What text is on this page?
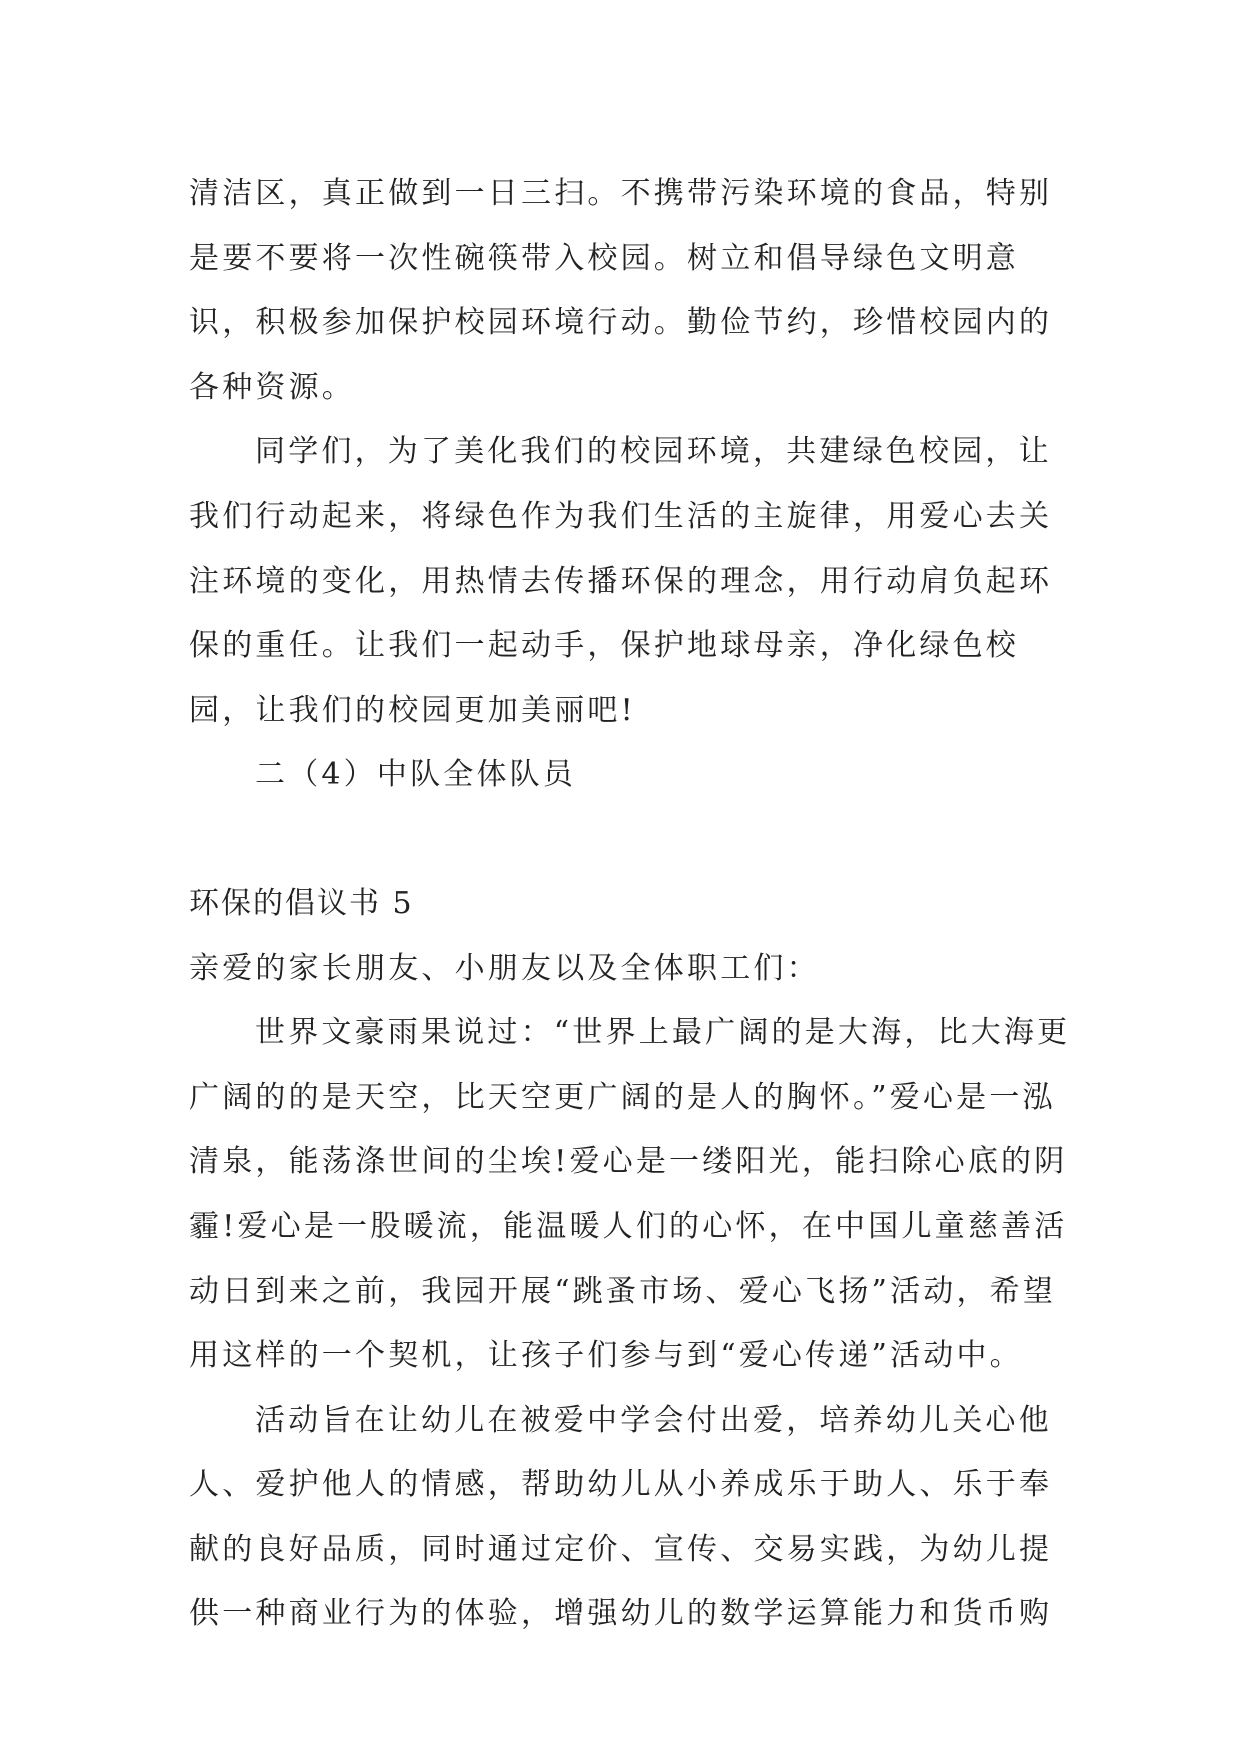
清洁区，真正做到一日三扫。不携带污染环境的食品，特别是要不要将一次性碗筷带入校园。树立和倡导绿色文明意识，积极参加保护校园环境行动。勤俭节约，珍惜校园内的各种资源。

同学们，为了美化我们的校园环境，共建绿色校园，让我们行动起来，将绿色作为我们生活的主旋律，用爱心去关注环境的变化，用热情去传播环保的理念，用行动肩负起环保的重任。让我们一起动手，保护地球母亲，净化绿色校园，让我们的校园更加美丽吧!

二（4）中队全体队员

环保的倡议书 5

亲爱的家长朋友、小朋友以及全体职工们：

世界文豪雨果说过：“世界上最广阔的是大海，比大海更广阔的的是天空，比天空更广阔的是人的胸怀。”爱心是一泓清泉，能荡涤世间的尘埃!爱心是一缕阳光，能扫除心底的阴霾!爱心是一股暖流，能温暖人们的心怀，在中国儿童慈善活动日到来之前，我园开展“跳蚤市场、爱心飞扬”活动，希望用这样的一个契机，让孩子们参与到“爱心传递”活动中。

活动旨在让幼儿在被爱中学会付出爱，培养幼儿关心他人、爱护他人的情感，帮助幼儿从小养成乐于助人、乐于奉献的良好品质，同时通过定价、宣传、交易实践，为幼儿提供一种商业行为的体验，增强幼儿的数学运算能力和货币购
